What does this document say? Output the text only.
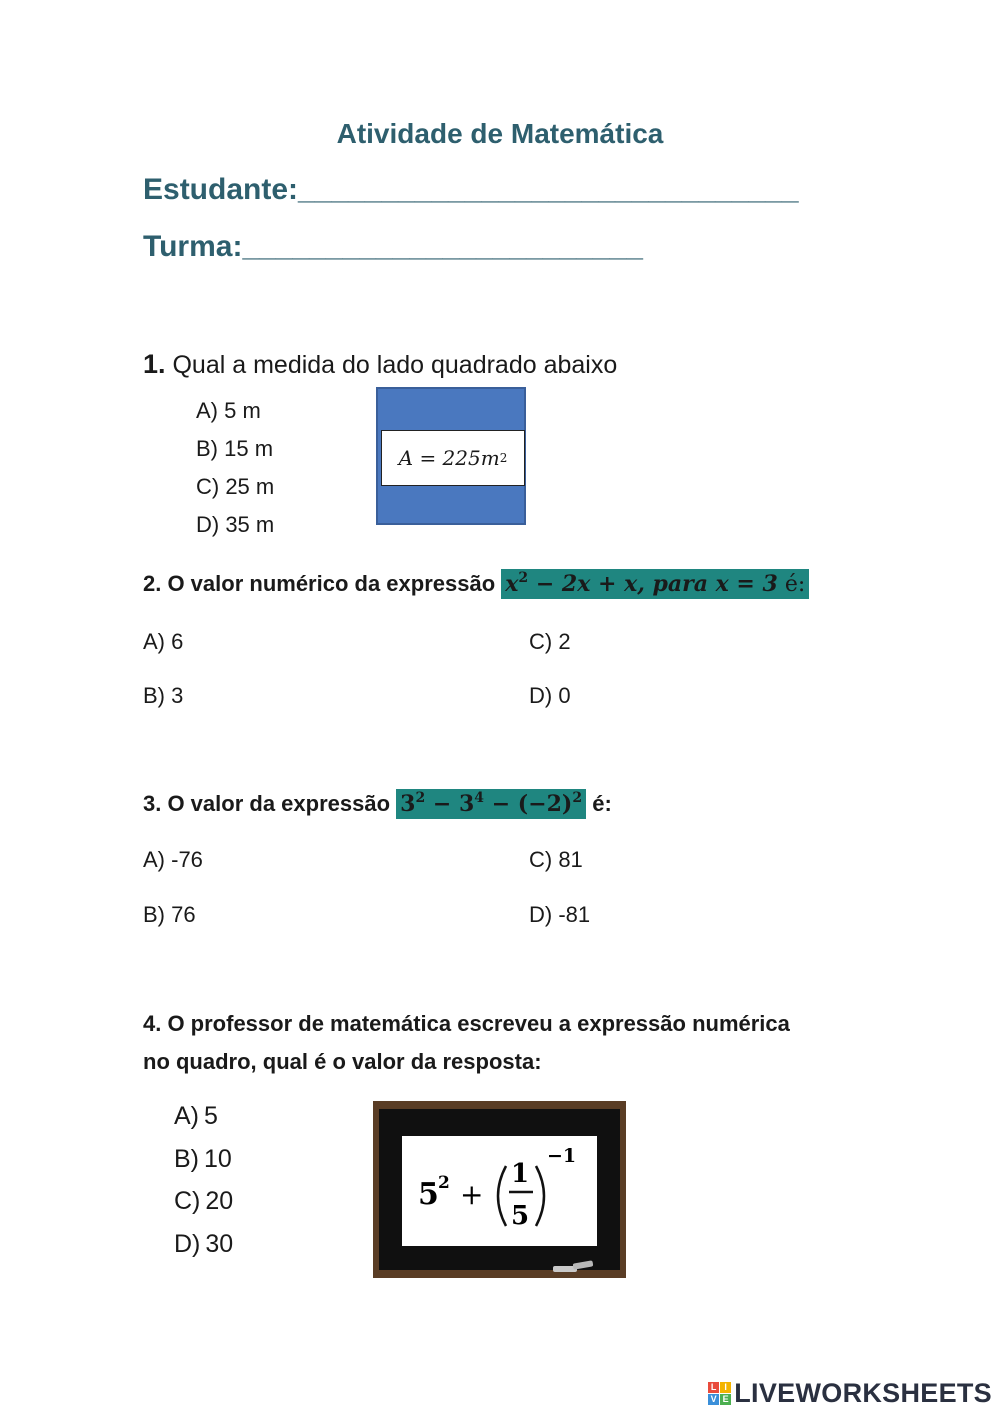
Atividade de Matemática
Estudante:______________________________
Turma:________________________
1. Qual a medida do lado quadrado abaixo
A) 5 m
B) 15 m
C) 25 m
D) 35 m
A = 225m 2
2. O valor numérico da expressão $x^2 - 2x + x$, para x = 3 é:
A) 6	C) 2
B) 3	D) 0
3. O valor da expressão $3^2 - 3^4 - (-2)^2$ é:
A) -76	C) 81
B) 76	D) -81
4. O professor de matemática escreveu a expressão numérica
no quadro, qual é o valor da resposta:
A) 5
B) 10
C) 20
D) 30
5 2 +
1
5
−1
L I
V E LIVEWORKSHEETS
